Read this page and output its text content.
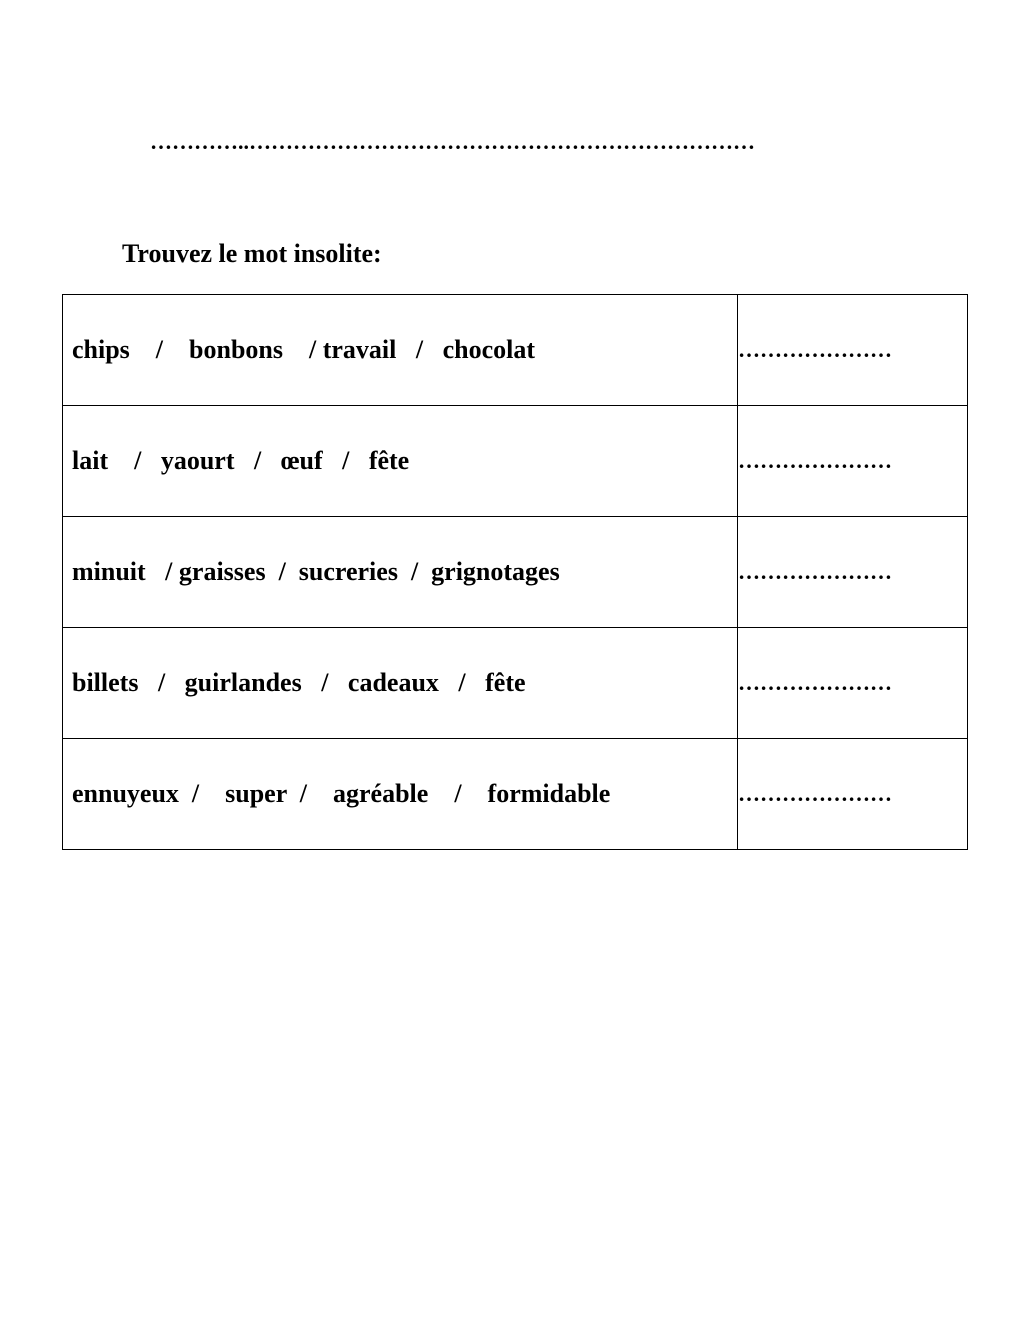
…………..……………………………………………………………
Trouvez le mot insolite:
chips    /    bonbons    / travail   /   chocolat	…………………
lait    /   yaourt   /   œuf   /   fête	…………………
minuit   / graisses  /  sucreries  /  grignotages	…………………
billets   /   guirlandes   /   cadeaux   /   fête	…………………
ennuyeux  /    super  /    agréable    /    formidable	…………………
